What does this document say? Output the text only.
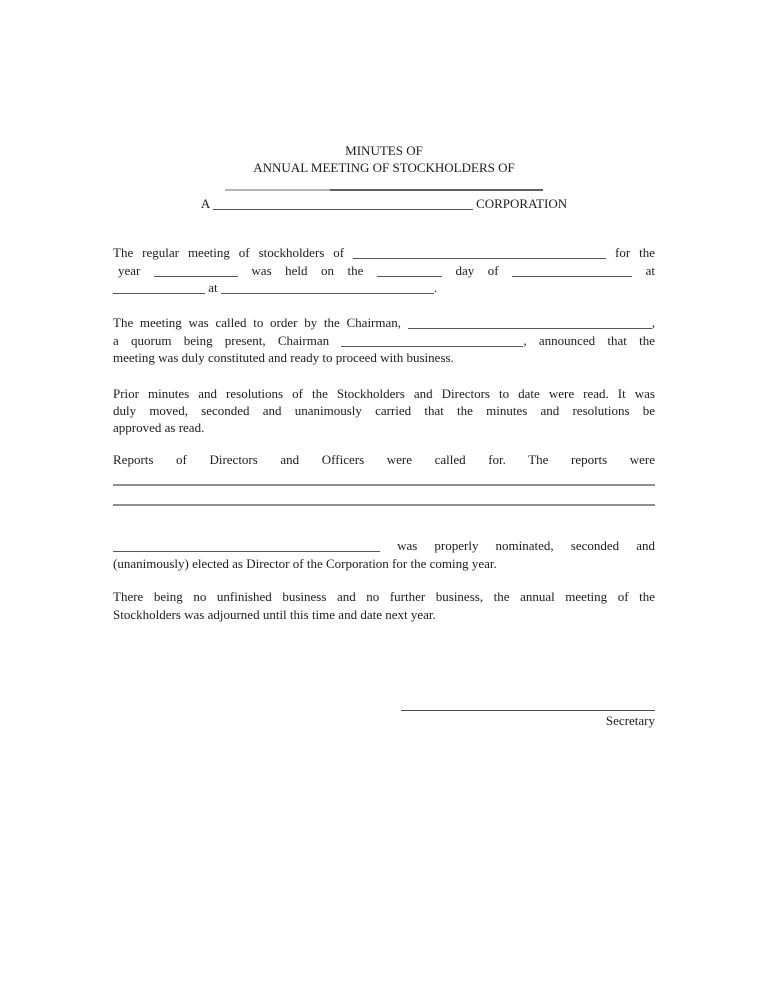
MINUTES OF
ANNUAL MEETING OF STOCKHOLDERS OF
A	CORPORATION
The regular meeting of stockholders of	for the
year	was held on the	day of	at
at	.
The meeting was called to order by the Chairman,	,
a quorum being present, Chairman	, announced that the
meeting was duly constituted and ready to proceed with business.
Prior minutes and resolutions of the Stockholders and Directors to date were read. It was
duly moved, seconded and unanimously carried that the minutes and resolutions be
approved as read.
Reports of Directors and Officers were called for. The reports were
was properly nominated, seconded and
(unanimously) elected as Director of the Corporation for the coming year.
There being no unfinished business and no further business, the annual meeting of the
Stockholders was adjourned until this time and date next year.
Secretary
